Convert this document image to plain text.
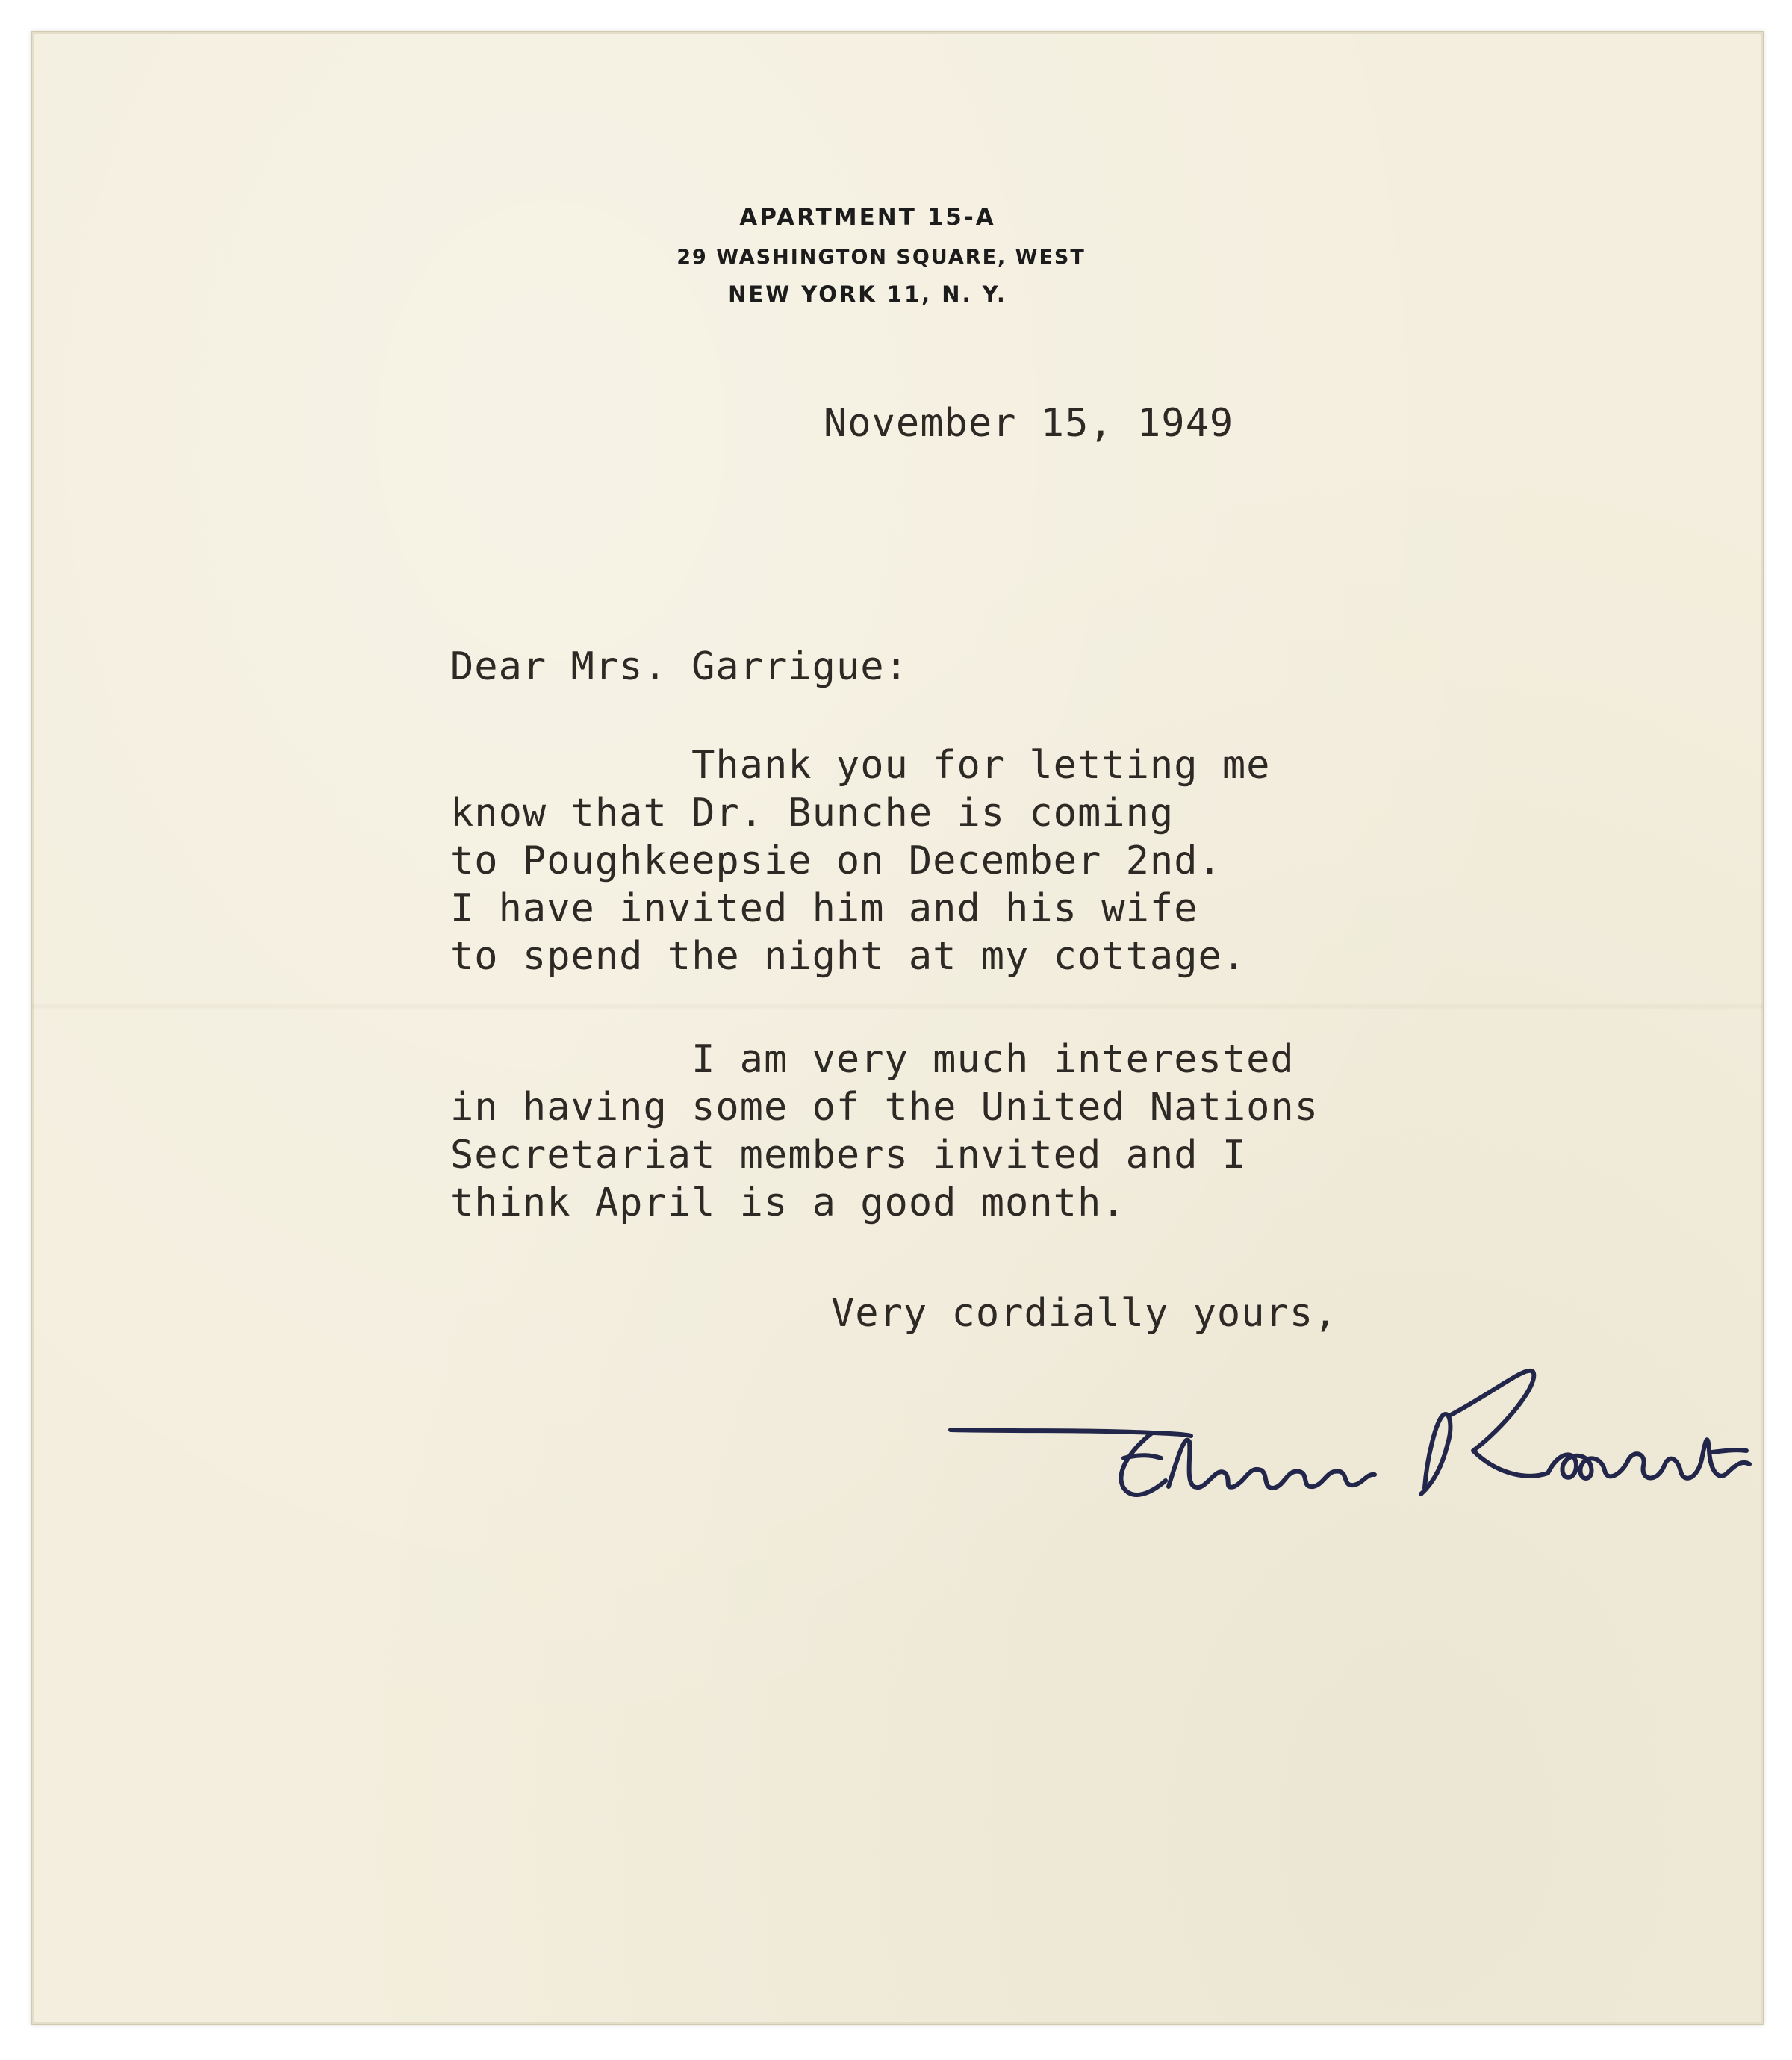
APARTMENT 15-A
29 WASHINGTON SQUARE, WEST
NEW YORK 11, N. Y.
November 15, 1949
Dear Mrs. Garrigue:
Thank you for letting me
know that Dr. Bunche is coming
to Poughkeepsie on December 2nd.
I have invited him and his wife
to spend the night at my cottage.
I am very much interested
in having some of the United Nations
Secretariat members invited and I
think April is a good month.
Very cordially yours,
